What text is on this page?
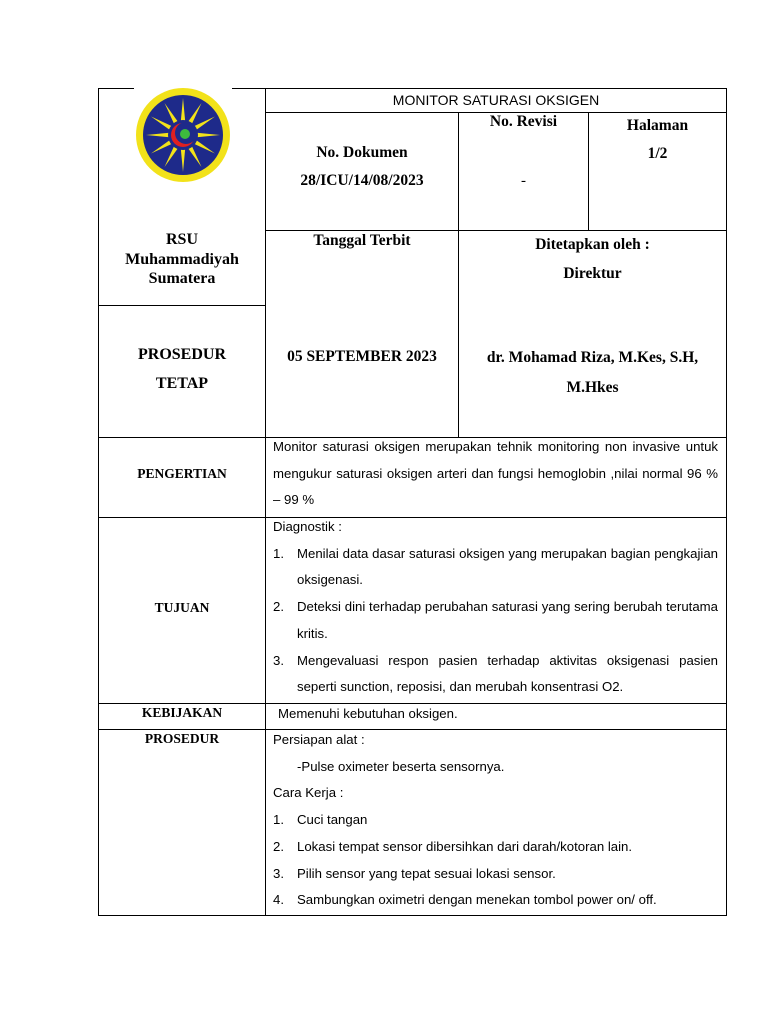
RSU
Muhammadiyah
Sumatera
PROSEDUR
TETAP
MONITOR SATURASI OKSIGEN
No. Dokumen
28/ICU/14/08/2023
No. Revisi
-
Halaman
1/2
Tanggal Terbit
05 SEPTEMBER 2023
Ditetapkan oleh :
Direktur
dr. Mohamad Riza, M.Kes, S.H,
M.Hkes
PENGERTIAN
Monitor saturasi oksigen merupakan tehnik monitoring non invasive untuk mengukur saturasi oksigen arteri dan fungsi hemoglobin ,nilai normal 96 % – 99 %
TUJUAN
Diagnostik :
1. Menilai data dasar saturasi oksigen yang merupakan bagian pengkajian oksigenasi.
2. Deteksi dini terhadap perubahan saturasi yang sering berubah terutama kritis.
3. Mengevaluasi respon pasien terhadap aktivitas oksigenasi pasien seperti sunction, reposisi, dan merubah konsentrasi O2.
KEBIJAKAN	Memenuhi kebutuhan oksigen.
PROSEDUR	Persiapan alat :
-Pulse oximeter beserta sensornya.
Cara Kerja :
1. Cuci tangan
2. Lokasi tempat sensor dibersihkan dari darah/kotoran lain.
3. Pilih sensor yang tepat sesuai lokasi sensor.
4. Sambungkan oximetri dengan menekan tombol power on/ off.
